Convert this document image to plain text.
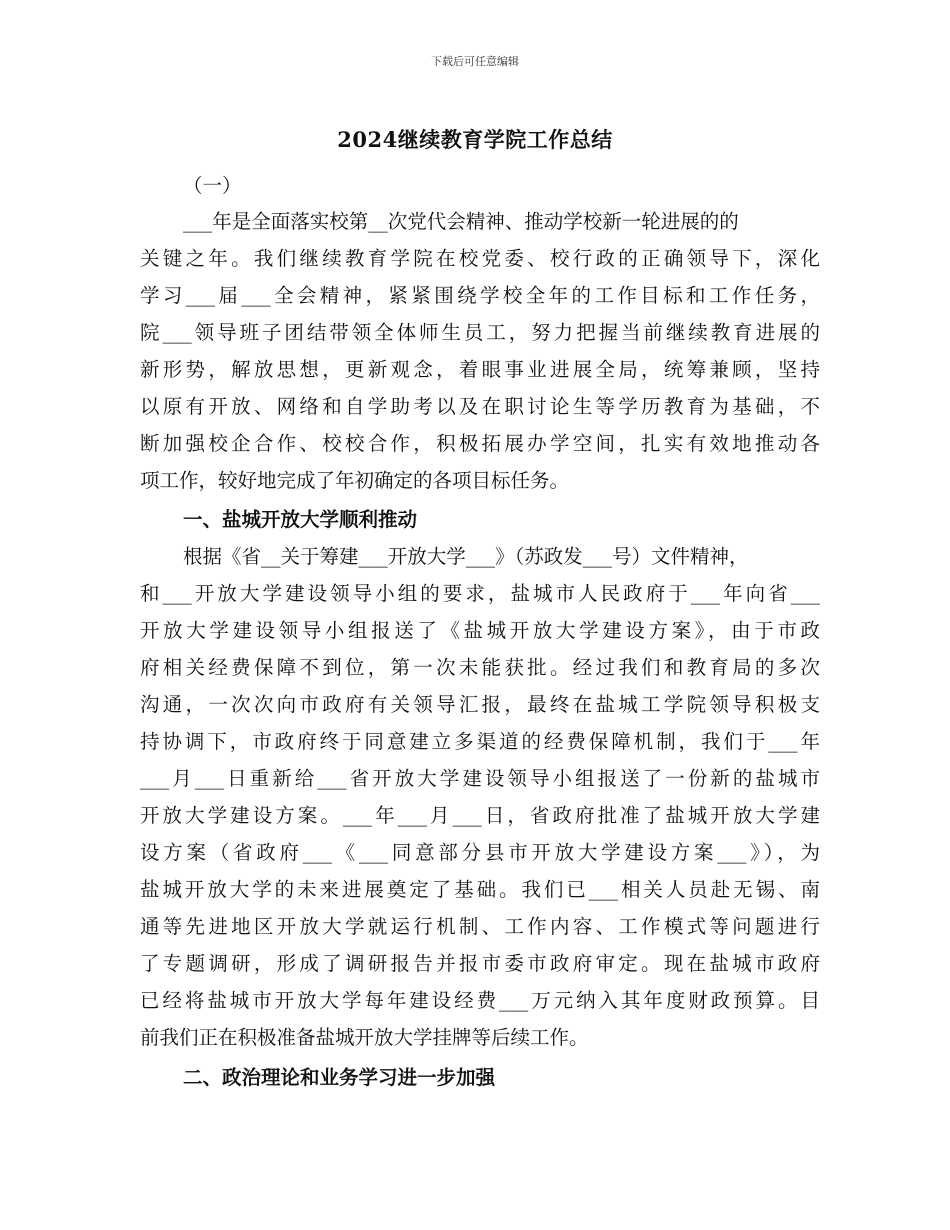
下载后可任意编辑
2024继续教育学院工作总结
（一）
___年是全面落实校第__次党代会精神、推动学校新一轮进展的的
关键之年。我们继续教育学院在校党委、校行政的正确领导下，深化
学习___届___全会精神，紧紧围绕学校全年的工作目标和工作任务，
院___领导班子团结带领全体师生员工，努力把握当前继续教育进展的
新形势，解放思想，更新观念，着眼事业进展全局，统筹兼顾，坚持
以原有开放、网络和自学助考以及在职讨论生等学历教育为基础，不
断加强校企合作、校校合作，积极拓展办学空间，扎实有效地推动各
项工作，较好地完成了年初确定的各项目标任务。
一、盐城开放大学顺利推动
根据《省__关于筹建___开放大学___》（苏政发___号）文件精神，
和___开放大学建设领导小组的要求，盐城市人民政府于___年向省___
开放大学建设领导小组报送了《盐城开放大学建设方案》，由于市政
府相关经费保障不到位，第一次未能获批。经过我们和教育局的多次
沟通，一次次向市政府有关领导汇报，最终在盐城工学院领导积极支
持协调下，市政府终于同意建立多渠道的经费保障机制，我们于___年
___月___日重新给___省开放大学建设领导小组报送了一份新的盐城市
开放大学建设方案。___年___月___日，省政府批准了盐城开放大学建
设方案（省政府___《___同意部分县市开放大学建设方案___》），为
盐城开放大学的未来进展奠定了基础。我们已___相关人员赴无锡、南
通等先进地区开放大学就运行机制、工作内容、工作模式等问题进行
了专题调研，形成了调研报告并报市委市政府审定。现在盐城市政府
已经将盐城市开放大学每年建设经费___万元纳入其年度财政预算。目
前我们正在积极准备盐城开放大学挂牌等后续工作。
二、政治理论和业务学习进一步加强
